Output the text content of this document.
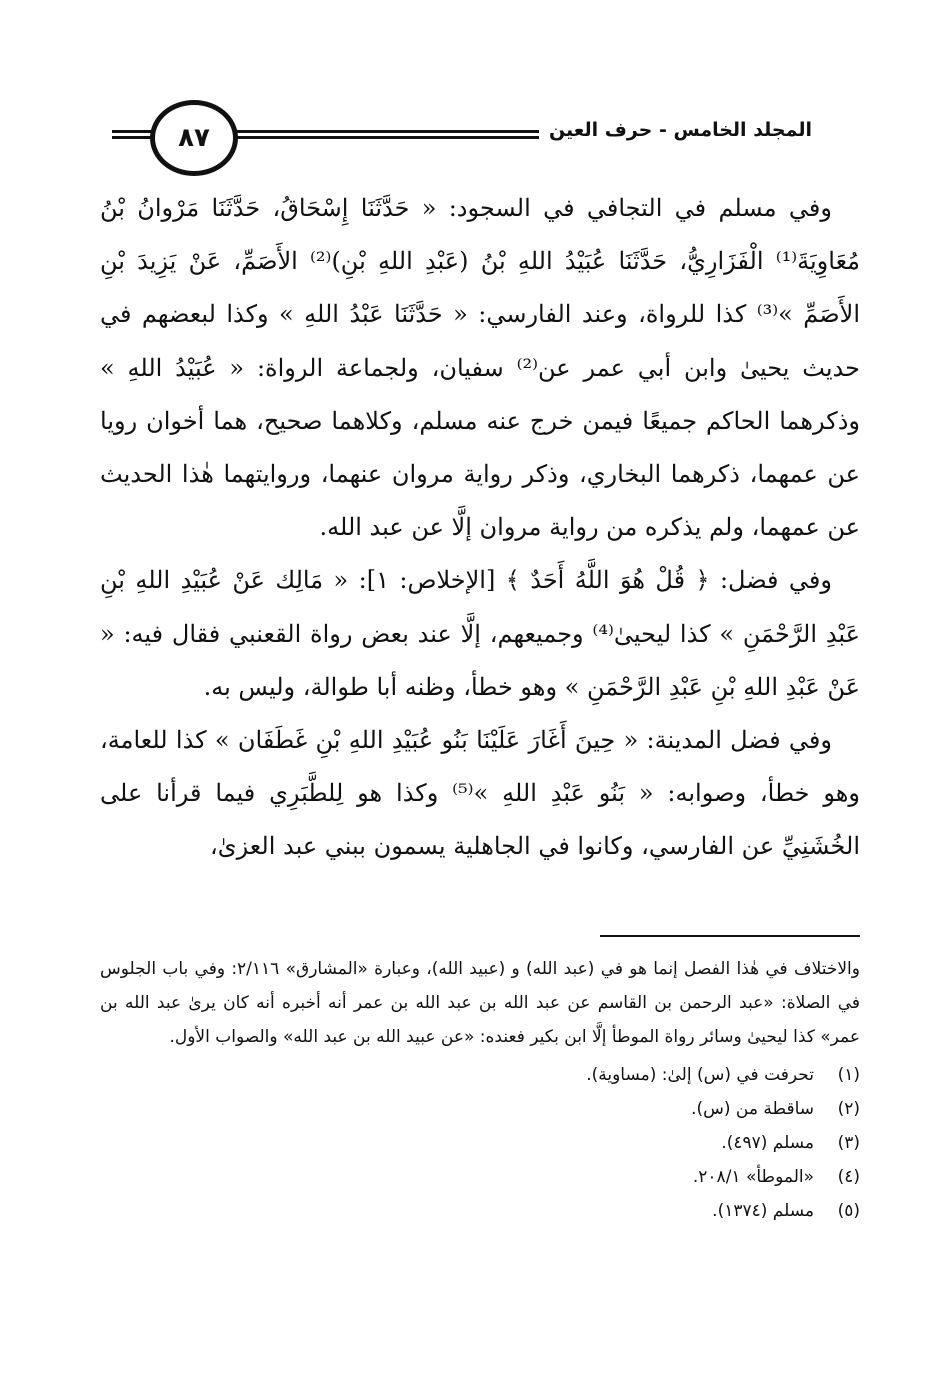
٨٧	المجلد الخامس - حرف العين

وفي مسلم في التجافي في السجود: « حَدَّثَنَا إِسْحَاقُ، حَدَّثَنَا مَرْوانُ بْنُ مُعَاوِيَةَ⁽¹⁾ الْفَزَارِيُّ، حَدَّثَنَا عُبَيْدُ اللهِ بْنُ (عَبْدِ اللهِ بْنِ)⁽²⁾ الأَصَمِّ، عَنْ يَزِيدَ بْنِ الأَصَمِّ »⁽³⁾ كذا للرواة، وعند الفارسي: « حَدَّثَنَا عَبْدُ اللهِ » وكذا لبعضهم في حديث يحيىٰ وابن أبي عمر عن⁽²⁾ سفيان، ولجماعة الرواة: « عُبَيْدُ اللهِ » وذكرهما الحاكم جميعًا فيمن خرج عنه مسلم، وكلاهما صحيح، هما أخوان رويا عن عمهما، ذكرهما البخاري، وذكر رواية مروان عنهما، وروايتهما هٰذا الحديث عن عمهما، ولم يذكره من رواية مروان إلَّا عن عبد الله.

وفي فضل: ﴿ قُلْ هُوَ اللَّهُ أَحَدٌ ﴾ [الإخلاص: ١]: « مَالِك عَنْ عُبَيْدِ اللهِ بْنِ عَبْدِ الرَّحْمَنِ » كذا ليحيىٰ⁽⁴⁾ وجميعهم، إلَّا عند بعض رواة القعنبي فقال فيه: « عَنْ عَبْدِ اللهِ بْنِ عَبْدِ الرَّحْمَنِ » وهو خطأ، وظنه أبا طوالة، وليس به.

وفي فضل المدينة: « حِينَ أَغَارَ عَلَيْنَا بَنُو عُبَيْدِ اللهِ بْنِ غَطَفَان » كذا للعامة، وهو خطأ، وصوابه: « بَنُو عَبْدِ اللهِ »⁽⁵⁾ وكذا هو لِلطَّبَرِي فيما قرأنا على الخُشَنِيِّ عن الفارسي، وكانوا في الجاهلية يسمون ببني عبد العزىٰ،

والاختلاف في هٰذا الفصل إنما هو في (عبد الله) و (عبيد الله)، وعبارة «المشارق» ٢/١١٦: وفي باب الجلوس في الصلاة: «عبد الرحمن بن القاسم عن عبد الله بن عبد الله بن عمر أنه أخبره أنه كان يرىٰ عبد الله بن عمر» كذا ليحيىٰ وسائر رواة الموطأ إلَّا ابن بكير فعنده: «عن عبيد الله بن عبد الله» والصواب الأول.

(١)
تحرفت في (س) إلىٰ: (مساوية).
(٢)
ساقطة من (س).
(٣)
مسلم (٤٩٧).
(٤)
«الموطأ» ٢٠٨/١.
(٥)
مسلم (١٣٧٤).
